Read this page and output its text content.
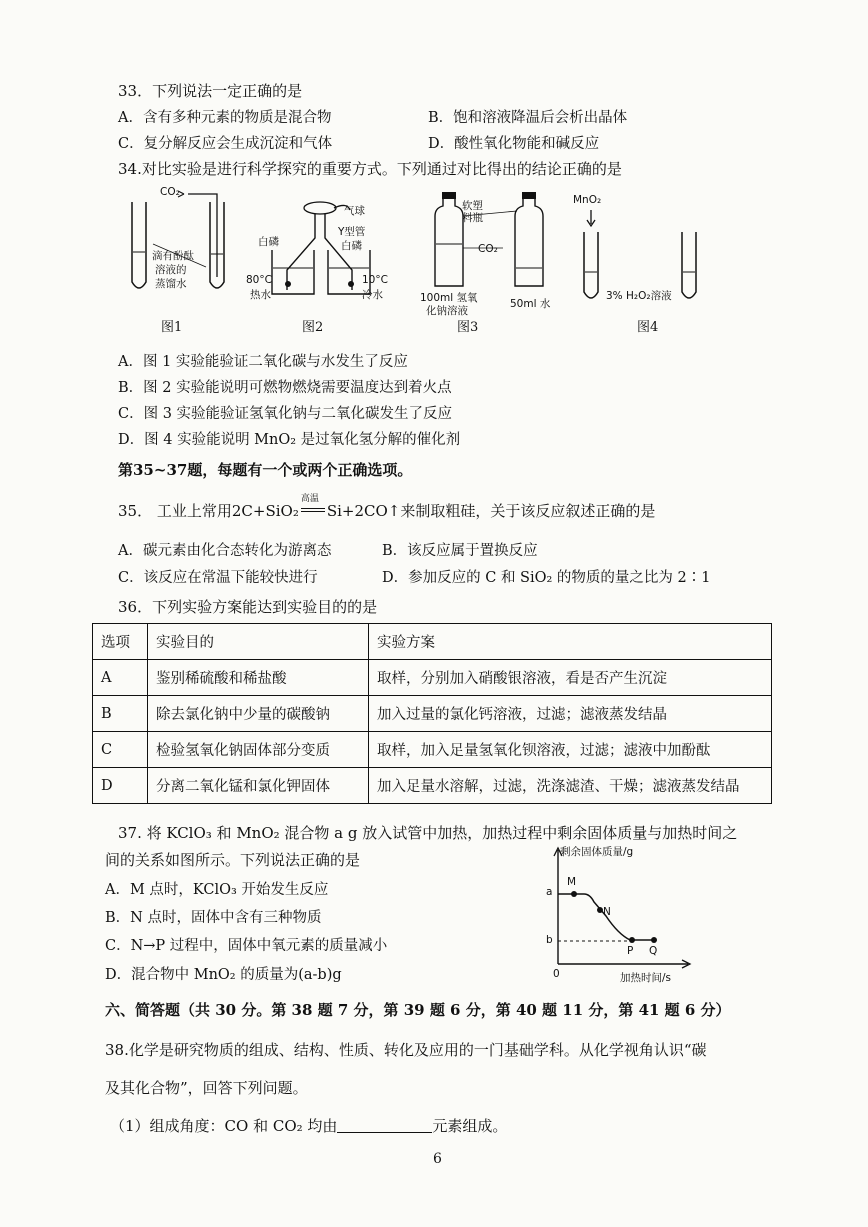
33．下列说法一定正确的是
A．含有多种元素的物质是混合物	B．饱和溶液降温后会析出晶体
C．复分解反应会生成沉淀和气体	D．酸性氧化物能和碱反应
34.对比实验是进行科学探究的重要方式。下列通过对比得出的结论正确的是
CO₂
滴有酚酞
溶液的
蒸馏水
图1
气球
Y型管
白磷	白磷
80°C
热水
10°C
冷水
图2
软塑
料瓶
CO₂
100ml 氢氧
化钠溶液
50ml 水
图3
MnO₂
3% H₂O₂溶液
图4
A．图 1 实验能验证二氧化碳与水发生了反应
B．图 2 实验能说明可燃物燃烧需要温度达到着火点
C．图 3 实验能验证氢氧化钠与二氧化碳发生了反应
D．图 4 实验能说明 MnO₂ 是过氧化氢分解的催化剂
第35~37题，每题有一个或两个正确选项。
35． 工业上常用2C+SiO₂
高温
Si+2CO↑来制取粗硅，关于该反应叙述正确的是
A．碳元素由化合态转化为游离态	B．该反应属于置换反应
C．该反应在常温下能较快进行	D．参加反应的 C 和 SiO₂ 的物质的量之比为 2∶1
36．下列实验方案能达到实验目的的是
选项	实验目的	实验方案
A	鉴别稀硫酸和稀盐酸	取样，分别加入硝酸银溶液，看是否产生沉淀
B	除去氯化钠中少量的碳酸钠	加入过量的氯化钙溶液，过滤；滤液蒸发结晶
C	检验氢氧化钠固体部分变质	取样，加入足量氢氧化钡溶液，过滤；滤液中加酚酞
D	分离二氧化锰和氯化钾固体	加入足量水溶解，过滤，洗涤滤渣、干燥；滤液蒸发结晶
37. 将 KClO₃ 和 MnO₂ 混合物 a g 放入试管中加热，加热过程中剩余固体质量与加热时间之
间的关系如图所示。下列说法正确的是
A．M 点时，KClO₃ 开始发生反应
B．N 点时，固体中含有三种物质
C．N→P 过程中，固体中氧元素的质量减小
D．混合物中 MnO₂ 的质量为(a-b)g
剩余固体质量/g
a
b
0
M
N
P Q
加热时间/s
六、简答题（共 30 分。第 38 题 7 分，第 39 题 6 分，第 40 题 11 分，第 41 题 6 分）
38.化学是研究物质的组成、结构、性质、转化及应用的一门基础学科。从化学视角认识“碳
及其化合物”，回答下列问题。
（1）组成角度：CO 和 CO₂ 均由	元素组成。
6
